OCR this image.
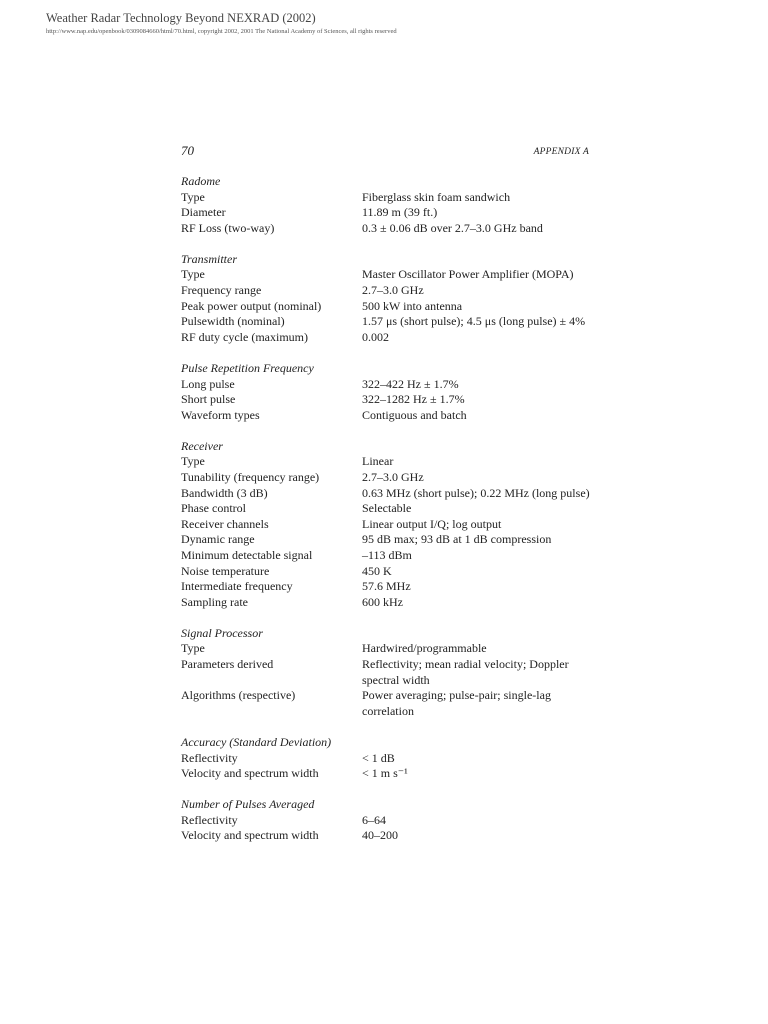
Weather Radar Technology Beyond NEXRAD (2002)
http://www.nap.edu/openbook/0309084660/html/70.html, copyright 2002, 2001 The National Academy of Sciences, all rights reserved
70	APPENDIX A
Radome
Type	Fiberglass skin foam sandwich
Diameter	11.89 m (39 ft.)
RF Loss (two-way)	0.3 ± 0.06 dB over 2.7–3.0 GHz band
Transmitter
Type	Master Oscillator Power Amplifier (MOPA)
Frequency range	2.7–3.0 GHz
Peak power output (nominal)	500 kW into antenna
Pulsewidth (nominal)	1.57 μs (short pulse); 4.5 μs (long pulse) ± 4%
RF duty cycle (maximum)	0.002
Pulse Repetition Frequency
Long pulse	322–422 Hz ± 1.7%
Short pulse	322–1282 Hz ± 1.7%
Waveform types	Contiguous and batch
Receiver
Type	Linear
Tunability (frequency range)	2.7–3.0 GHz
Bandwidth (3 dB)	0.63 MHz (short pulse); 0.22 MHz (long pulse)
Phase control	Selectable
Receiver channels	Linear output I/Q; log output
Dynamic range	95 dB max; 93 dB at 1 dB compression
Minimum detectable signal	–113 dBm
Noise temperature	450 K
Intermediate frequency	57.6 MHz
Sampling rate	600 kHz
Signal Processor
Type	Hardwired/programmable
Parameters derived	Reflectivity; mean radial velocity; Doppler spectral width
Algorithms (respective)	Power averaging; pulse-pair; single-lag correlation
Accuracy (Standard Deviation)
Reflectivity	< 1 dB
Velocity and spectrum width	< 1 m s⁻¹
Number of Pulses Averaged
Reflectivity	6–64
Velocity and spectrum width	40–200
